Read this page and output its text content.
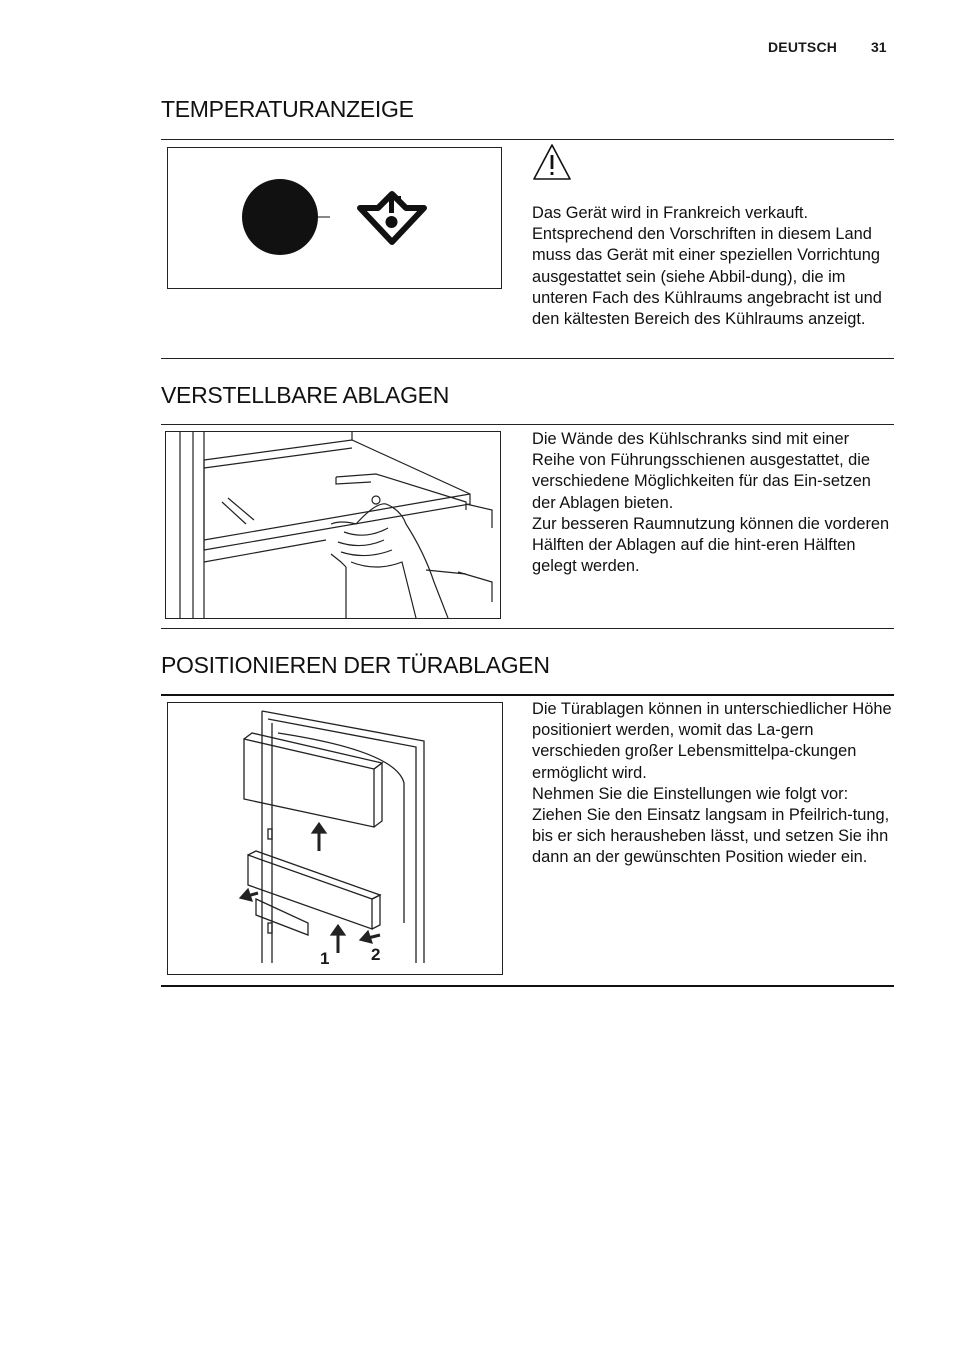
DEUTSCH 31
TEMPERATURANZEIGE

Das Gerät wird in Frankreich verkauft. Entsprechend den Vorschriften in diesem Land muss das Gerät mit einer speziellen Vorrichtung ausgestattet sein (siehe Abbil-dung), die im unteren Fach des Kühlraums angebracht ist und den kältesten Bereich des Kühlraums anzeigt.

VERSTELLBARE ABLAGEN

Die Wände des Kühlschranks sind mit einer Reihe von Führungsschienen ausgestattet, die verschiedene Möglichkeiten für das Ein-setzen der Ablagen bieten.

Zur besseren Raumnutzung können die vorderen Hälften der Ablagen auf die hint-eren Hälften gelegt werden.

POSITIONIEREN DER TÜRABLAGEN
1 2

Die Türablagen können in unterschiedlicher Höhe positioniert werden, womit das La-gern verschieden großer Lebensmittelpa-ckungen ermöglicht wird.

Nehmen Sie die Einstellungen wie folgt vor: Ziehen Sie den Einsatz langsam in Pfeilrich-tung, bis er sich herausheben lässt, und setzen Sie ihn dann an der gewünschten Position wieder ein.
